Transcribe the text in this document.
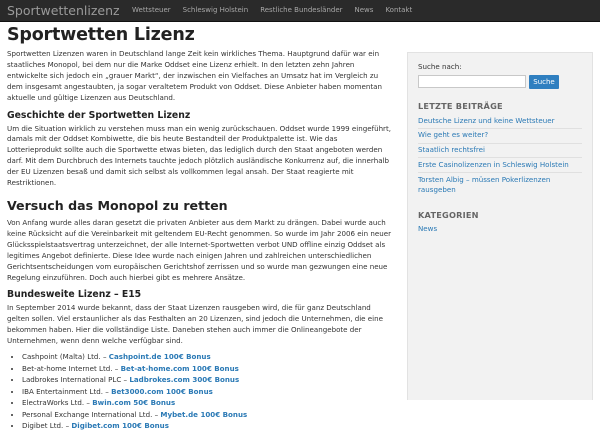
Sportwettenlizenz	Wettsteuer	Schleswig Holstein	Restliche Bundesländer	News	Kontakt
Sportwetten Lizenz

Sportwetten Lizenzen waren in Deutschland lange Zeit kein wirkliches Thema. Hauptgrund dafür war ein staatliches Monopol, bei dem nur die Marke Oddset eine Lizenz erhielt. In den letzten zehn Jahren entwickelte sich jedoch ein „grauer Markt“, der inzwischen ein Vielfaches an Umsatz hat im Vergleich zu dem insgesamt angestaubten, ja sogar veraltetem Produkt von Oddset. Diese Anbieter haben momentan aktuelle und gültige Lizenzen aus Deutschland.

Geschichte der Sportwetten Lizenz

Um die Situation wirklich zu verstehen muss man ein wenig zurückschauen. Oddset wurde 1999 eingeführt, damals mit der Oddset Kombiwette, die bis heute Bestandteil der Produktpalette ist. Wie das Lotterieprodukt sollte auch die Sportwette etwas bieten, das lediglich durch den Staat angeboten werden darf. Mit dem Durchbruch des Internets tauchte jedoch plötzlich ausländische Konkurrenz auf, die innerhalb der EU Lizenzen besaß und damit sich selbst als vollkommen legal ansah. Der Staat reagierte mit Restriktionen.

Versuch das Monopol zu retten

Von Anfang wurde alles daran gesetzt die privaten Anbieter aus dem Markt zu drängen. Dabei wurde auch keine Rücksicht auf die Vereinbarkeit mit geltendem EU-Recht genommen. So wurde im Jahr 2006 ein neuer Glücksspielstaatsvertrag unterzeichnet, der alle Internet-Sportwetten verbot UND offline einzig Oddset als legitimes Angebot definierte. Diese Idee wurde nach einigen Jahren und zahlreichen unterschiedlichen Gerichtsentscheidungen vom europäischen Gerichtshof zerrissen und so wurde man gezwungen eine neue Regelung einzuführen. Doch auch hierbei gibt es mehrere Ansätze.

Bundesweite Lizenz – E15

In September 2014 wurde bekannt, dass der Staat Lizenzen rausgeben wird, die für ganz Deutschland gelten sollen. Viel erstaunlicher als das Festhalten an 20 Lizenzen, sind jedoch die Unternehmen, die eine bekommen haben. Hier die vollständige Liste. Daneben stehen auch immer die Onlineangebote der Unternehmen, wenn denn welche verfügbar sind.

• Cashpoint (Malta) Ltd. – Cashpoint.de 100€ Bonus
• Bet-at-home Internet Ltd. – Bet-at-home.com 100€ Bonus
• Ladbrokes International PLC – Ladbrokes.com 300€ Bonus
• IBA Entertainment Ltd. – Bet3000.com 100€ Bonus
• ElectraWorks Ltd. – Bwin.com 50€ Bonus
• Personal Exchange International Ltd. – Mybet.de 100€ Bonus
• Digibet Ltd. – Digibet.com 100€ Bonus
Suche nach:
Suche
LETZTE BEITRÄGE
Deutsche Lizenz und keine Wettsteuer
Wie geht es weiter?
Staatlich rechtsfrei
Erste Casinolizenzen in Schleswig Holstein
Torsten Albig – müssen Pokerlizenzen rausgeben
KATEGORIEN
News
